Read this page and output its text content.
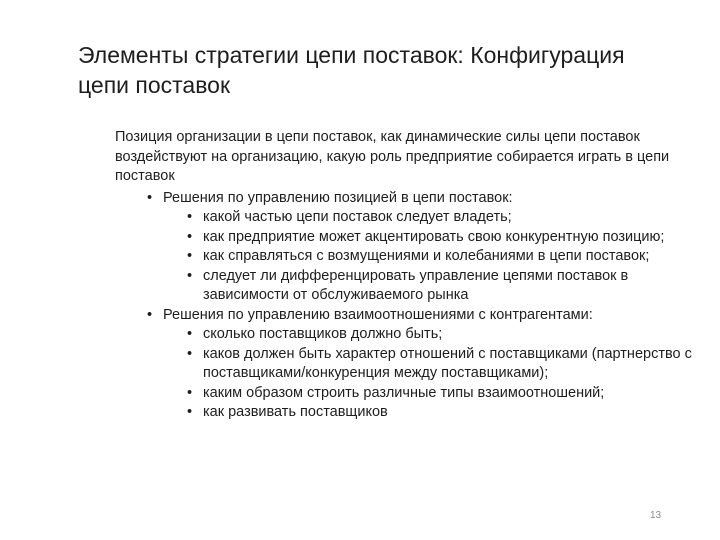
Элементы стратегии цепи поставок: Конфигурация цепи поставок

Позиция организации в цепи поставок, как динамические силы цепи поставок воздействуют на организацию, какую роль предприятие собирается играть в цепи поставок

• Решения по управлению позицией в цепи поставок:
• какой частью цепи поставок следует владеть;
• как предприятие может акцентировать свою конкурентную позицию;
• как справляться с возмущениями и колебаниями в цепи поставок;
• следует ли дифференцировать управление цепями поставок в зависимости от обслуживаемого рынка
• Решения по управлению взаимоотношениями с контрагентами:
• сколько поставщиков должно быть;
• каков должен быть характер отношений с поставщиками (партнерство с поставщиками/конкуренция между поставщиками);
• каким образом строить различные типы взаимоотношений;
• как развивать поставщиков
13
